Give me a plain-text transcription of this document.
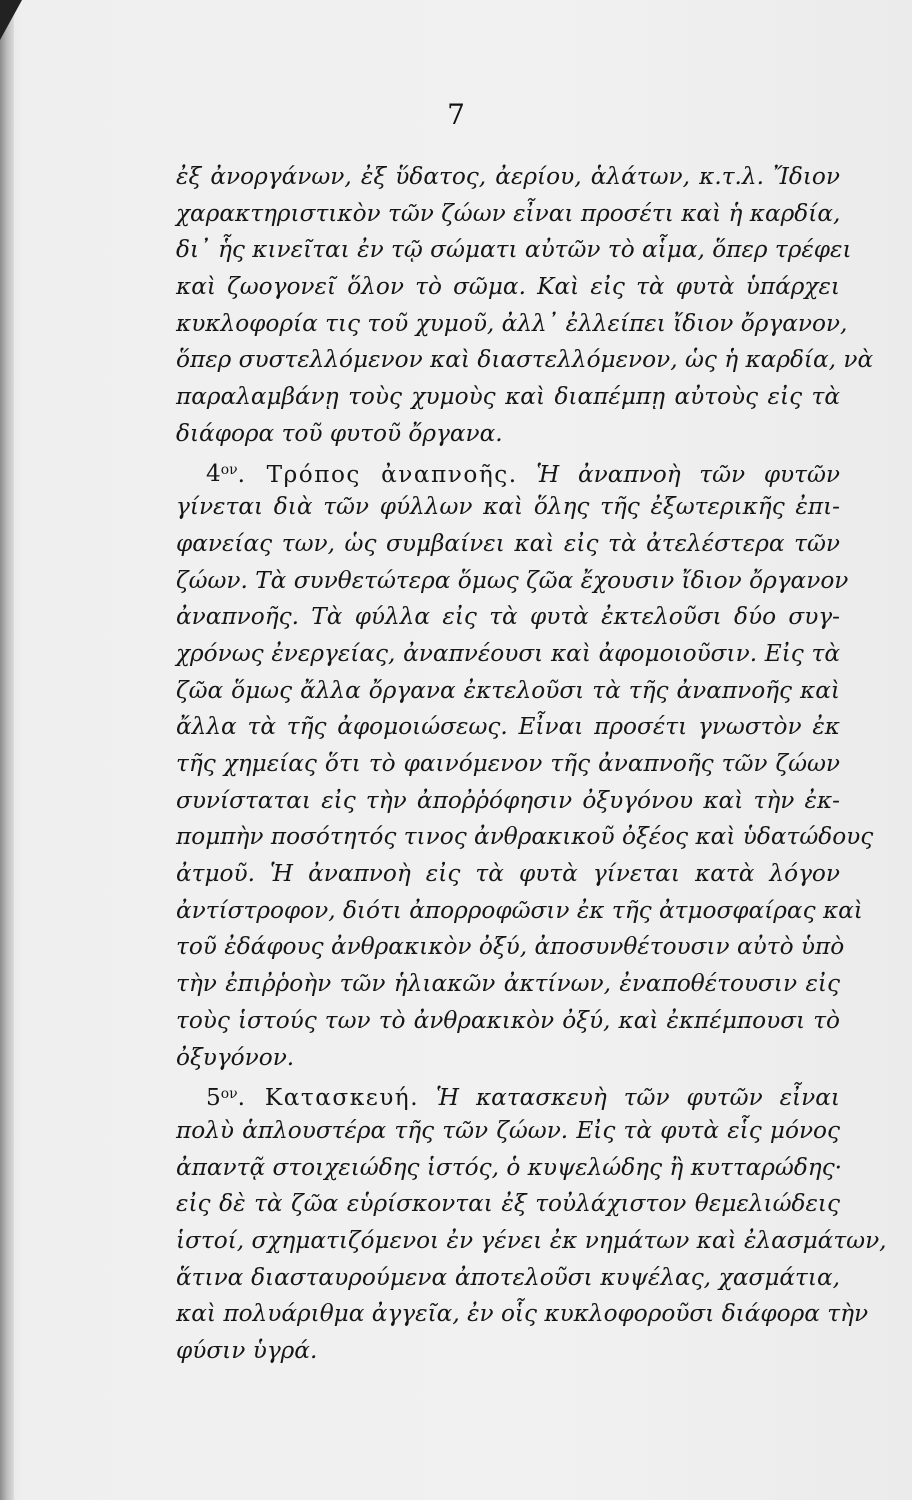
7
ἐξ ἀνοργάνων, ἐξ ὕδατος, ἀερίου, ἁλάτων, κ.τ.λ. Ἴδιον
χαρακτηριστικὸν τῶν ζώων εἶναι προσέτι καὶ ἡ καρδία,
δι᾽ ἧς κινεῖται ἐν τῷ σώματι αὐτῶν τὸ αἷμα, ὅπερ τρέφει
καὶ ζωογονεῖ ὅλον τὸ σῶμα. Καὶ εἰς τὰ φυτὰ ὑπάρχει
κυκλοφορία τις τοῦ χυμοῦ, ἀλλ᾽ ἐλλείπει ἴδιον ὄργανον,
ὅπερ συστελλόμενον καὶ διαστελλόμενον, ὡς ἡ καρδία, νὰ
παραλαμβάνῃ τοὺς χυμοὺς καὶ διαπέμπῃ αὐτοὺς εἰς τὰ
διάφορα τοῦ φυτοῦ ὄργανα.
$4^{o\nu}$. Τρόπος ἀναπνοῆς. Ἡ ἀναπνοὴ τῶν φυτῶν
γίνεται διὰ τῶν φύλλων καὶ ὅλης τῆς ἐξωτερικῆς ἐπι-
φανείας των, ὡς συμβαίνει καὶ εἰς τὰ ἀτελέστερα τῶν
ζώων. Τὰ συνθετώτερα ὅμως ζῶα ἔχουσιν ἴδιον ὄργανον
ἀναπνοῆς. Τὰ φύλλα εἰς τὰ φυτὰ ἐκτελοῦσι δύο συγ-
χρόνως ἐνεργείας, ἀναπνέουσι καὶ ἀφομοιοῦσιν. Εἰς τὰ
ζῶα ὅμως ἄλλα ὄργανα ἐκτελοῦσι τὰ τῆς ἀναπνοῆς καὶ
ἄλλα τὰ τῆς ἀφομοιώσεως. Εἶναι προσέτι γνωστὸν ἐκ
τῆς χημείας ὅτι τὸ φαινόμενον τῆς ἀναπνοῆς τῶν ζώων
συνίσταται εἰς τὴν ἀποῤῥόφησιν ὀξυγόνου καὶ τὴν ἐκ-
πομπὴν ποσότητός τινος ἀνθρακικοῦ ὀξέος καὶ ὑδατώδους
ἀτμοῦ. Ἡ ἀναπνοὴ εἰς τὰ φυτὰ γίνεται κατὰ λόγον
ἀντίστροφον, διότι ἀπορροφῶσιν ἐκ τῆς ἀτμοσφαίρας καὶ
τοῦ ἐδάφους ἀνθρακικὸν ὀξύ, ἀποσυνθέτουσιν αὐτὸ ὑπὸ
τὴν ἐπιῤῥοὴν τῶν ἡλιακῶν ἀκτίνων, ἐναποθέτουσιν εἰς
τοὺς ἱστούς των τὸ ἀνθρακικὸν ὀξύ, καὶ ἐκπέμπουσι τὸ
ὀξυγόνον.
$5^{o\nu}$. Κατασκευή. Ἡ κατασκευὴ τῶν φυτῶν εἶναι
πολὺ ἁπλουστέρα τῆς τῶν ζώων. Εἰς τὰ φυτὰ εἷς μόνος
ἀπαντᾷ στοιχειώδης ἱστός, ὁ κυψελώδης ἢ κυτταρώδης·
εἰς δὲ τὰ ζῶα εὑρίσκονται ἐξ τοὐλάχιστον θεμελιώδεις
ἱστοί, σχηματιζόμενοι ἐν γένει ἐκ νημάτων καὶ ἐλασμάτων,
ἅτινα διασταυρούμενα ἀποτελοῦσι κυψέλας, χασμάτια,
καὶ πολυάριθμα ἀγγεῖα, ἐν οἷς κυκλοφοροῦσι διάφορα τὴν
φύσιν ὑγρά.
